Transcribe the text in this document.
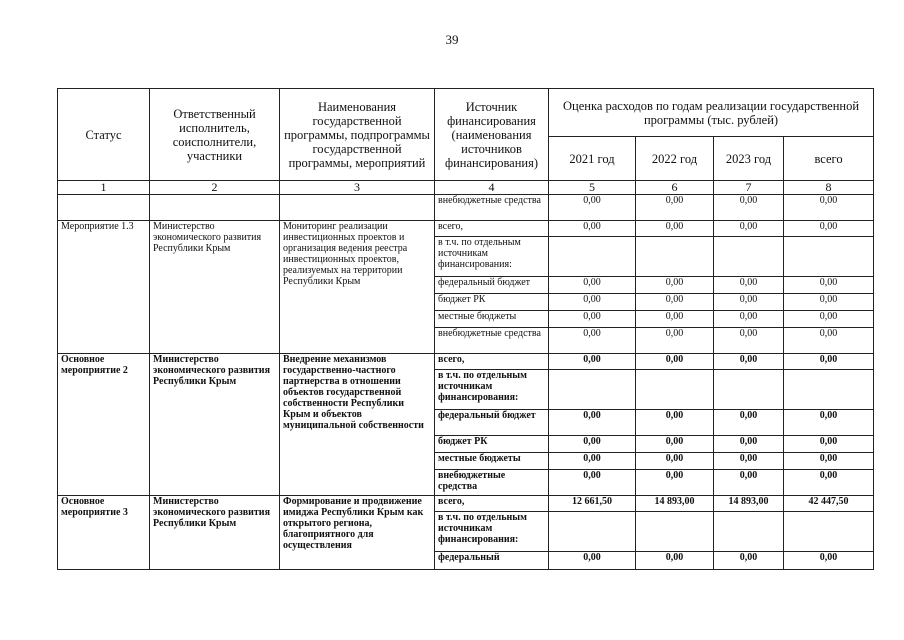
39
Статус	Ответственный исполнитель, соисполнители, участники	Наименования государственной программы, подпрограммы государственной программы, мероприятий	Источник финансирования (наименования источников финансирования)	Оценка расходов по годам реализации государственной программы (тыс. рублей)			
				2021 год	2022 год	2023 год	всего
1	2	3	4	5	6	7	8
			внебюджетные средства	0,00	0,00	0,00	0,00
Мероприятие 1.3	Министерство экономического развития Республики Крым	Мониторинг реализации инвестиционных проектов и организация ведения реестра инвестиционных проектов, реализуемых на территории Республики Крым	всего,	0,00	0,00	0,00	0,00
			в т.ч. по отдельным источникам финансирования:				
			федеральный бюджет	0,00	0,00	0,00	0,00
			бюджет РК	0,00	0,00	0,00	0,00
			местные бюджеты	0,00	0,00	0,00	0,00
			внебюджетные средства	0,00	0,00	0,00	0,00
Основное мероприятие 2	Министерство экономического развития Республики Крым	Внедрение механизмов государственно-частного партнерства в отношении объектов государственной собственности Республики Крым и объектов муниципальной собственности	всего,	0,00	0,00	0,00	0,00
			в т.ч. по отдельным источникам финансирования:				
			федеральный бюджет	0,00	0,00	0,00	0,00
			бюджет РК	0,00	0,00	0,00	0,00
			местные бюджеты	0,00	0,00	0,00	0,00
			внебюджетные средства	0,00	0,00	0,00	0,00
Основное мероприятие 3	Министерство экономического развития Республики Крым	Формирование и продвижение имиджа Республики Крым как открытого региона, благоприятного для осуществления	всего,	12 661,50	14 893,00	14 893,00	42 447,50
			в т.ч. по отдельным источникам финансирования:				
			федеральный	0,00	0,00	0,00	0,00
